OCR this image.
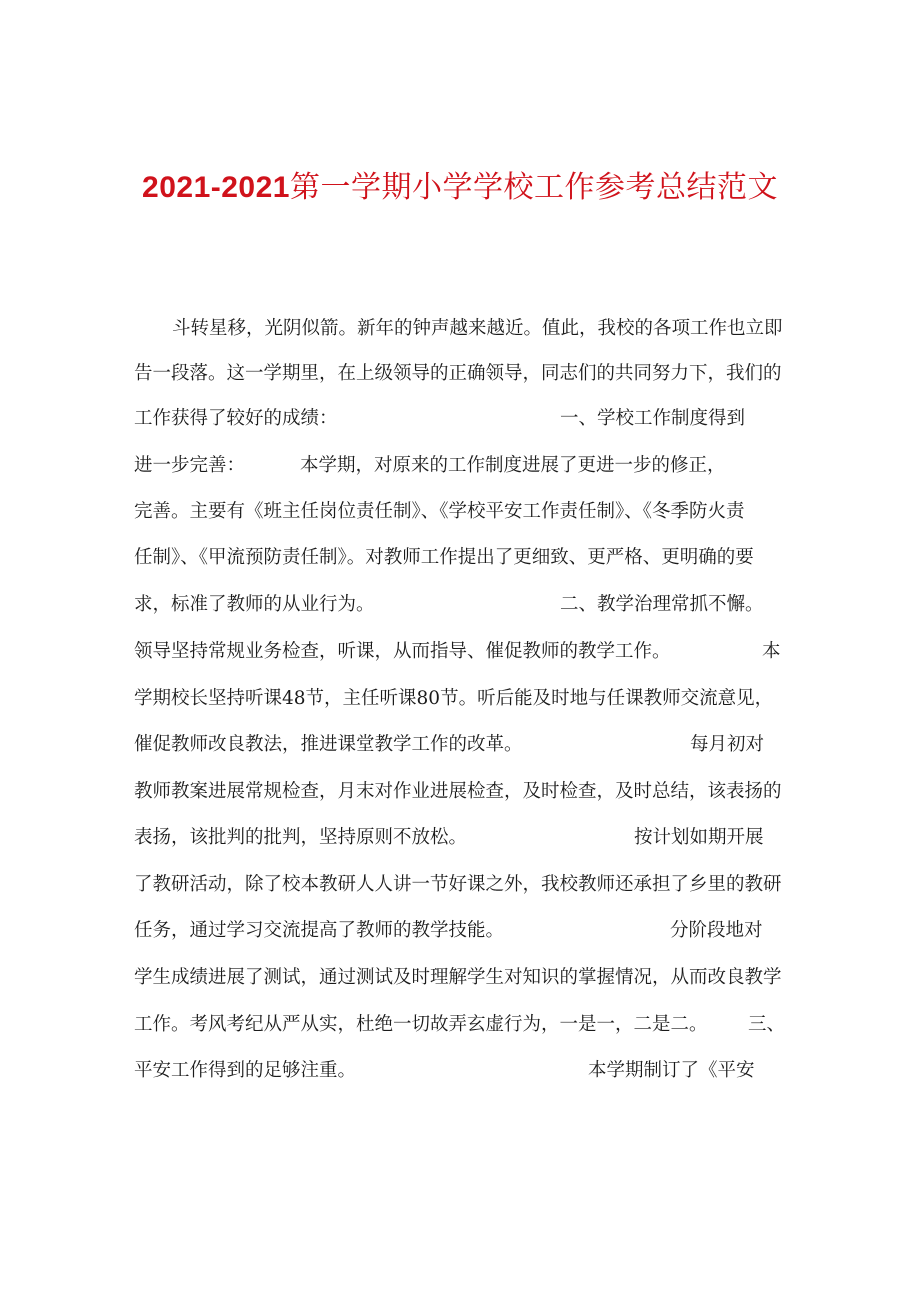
2021-2021第一学期小学学校工作参考总结范文
斗转星移，光阴似箭。新年的钟声越来越近。值此，我校的各项工作也立即
告一段落。这一学期里，在上级领导的正确领导，同志们的共同努力下，我们的
工作获得了较好的成绩：	一、学校工作制度得到
进一步完善：	本学期，对原来的工作制度进展了更进一步的修正，
完善。主要有《班主任岗位责任制》、《学校平安工作责任制》、《冬季防火责
任制》、《甲流预防责任制》。对教师工作提出了更细致、更严格、更明确的要
求，标准了教师的从业行为。	二、教学治理常抓不懈。
领导坚持常规业务检查，听课，从而指导、催促教师的教学工作。	本
学期校长坚持听课48节，主任听课80节。听后能及时地与任课教师交流意见，
催促教师改良教法，推进课堂教学工作的改革。	每月初对
教师教案进展常规检查，月末对作业进展检查，及时检查，及时总结，该表扬的
表扬，该批判的批判，坚持原则不放松。	按计划如期开展
了教研活动，除了校本教研人人讲一节好课之外，我校教师还承担了乡里的教研
任务，通过学习交流提高了教师的教学技能。	分阶段地对
学生成绩进展了测试，通过测试及时理解学生对知识的掌握情况，从而改良教学
工作。考风考纪从严从实，杜绝一切故弄玄虚行为，一是一，二是二。 三、
平安工作得到的足够注重。	本学期制订了《平安
